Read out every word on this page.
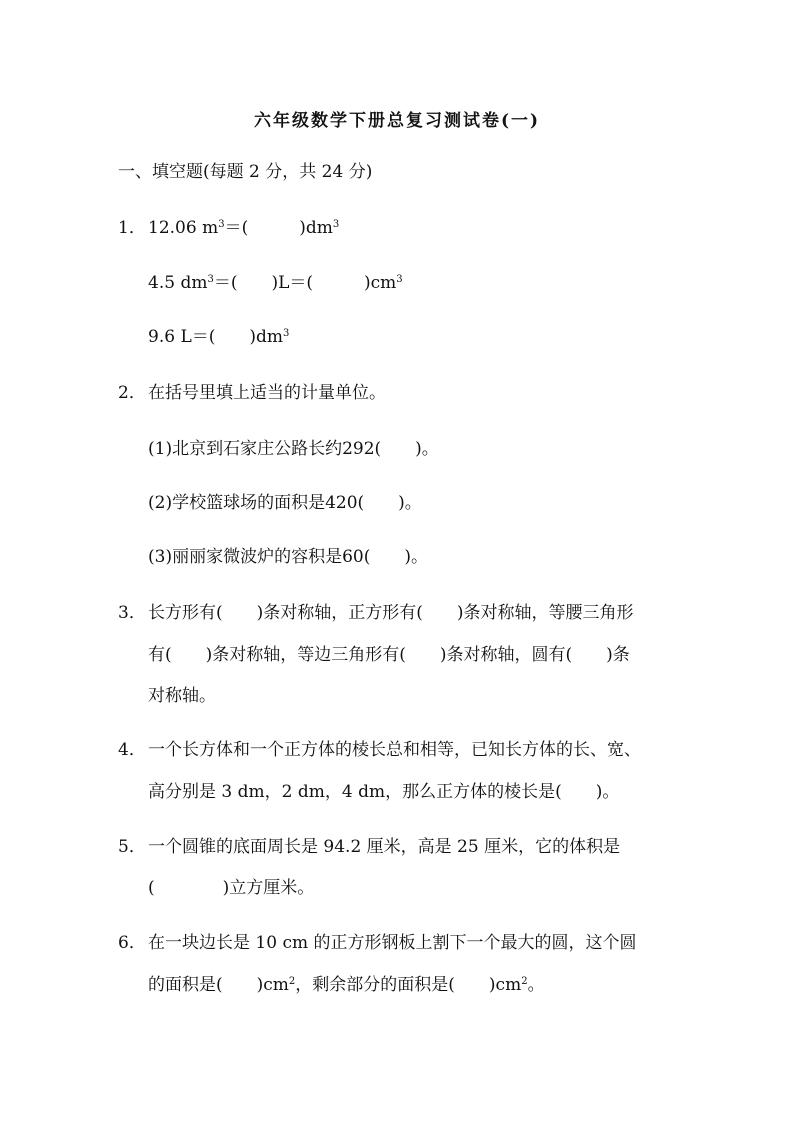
六年级数学下册总复习测试卷(一)
一、填空题(每题 2 分，共 24 分)
1． 12.06 $m^3=$(　　　)$dm^3$
4.5 $dm^3=$(　　)L＝(　　　)$cm^3$
9.6 L＝(　　)$dm^3$
2． 在括号里填上适当的计量单位。
(1)北京到石家庄公路长约292(　　)。
(2)学校篮球场的面积是420(　　)。
(3)丽丽家微波炉的容积是60(　　)。
3． 长方形有(　　)条对称轴，正方形有(　　)条对称轴，等腰三角形
有(　　)条对称轴，等边三角形有(　　)条对称轴，圆有(　　)条
对称轴。
4． 一个长方体和一个正方体的棱长总和相等，已知长方体的长、宽、
高分别是 3 dm，2 dm，4 dm，那么正方体的棱长是(　　)。
5． 一个圆锥的底面周长是 94.2 厘米，高是 25 厘米，它的体积是
(　　　　)立方厘米。
6． 在一块边长是 10 cm 的正方形钢板上割下一个最大的圆，这个圆
的面积是(　　)$cm^2$，剩余部分的面积是(　　)$cm^2$。
